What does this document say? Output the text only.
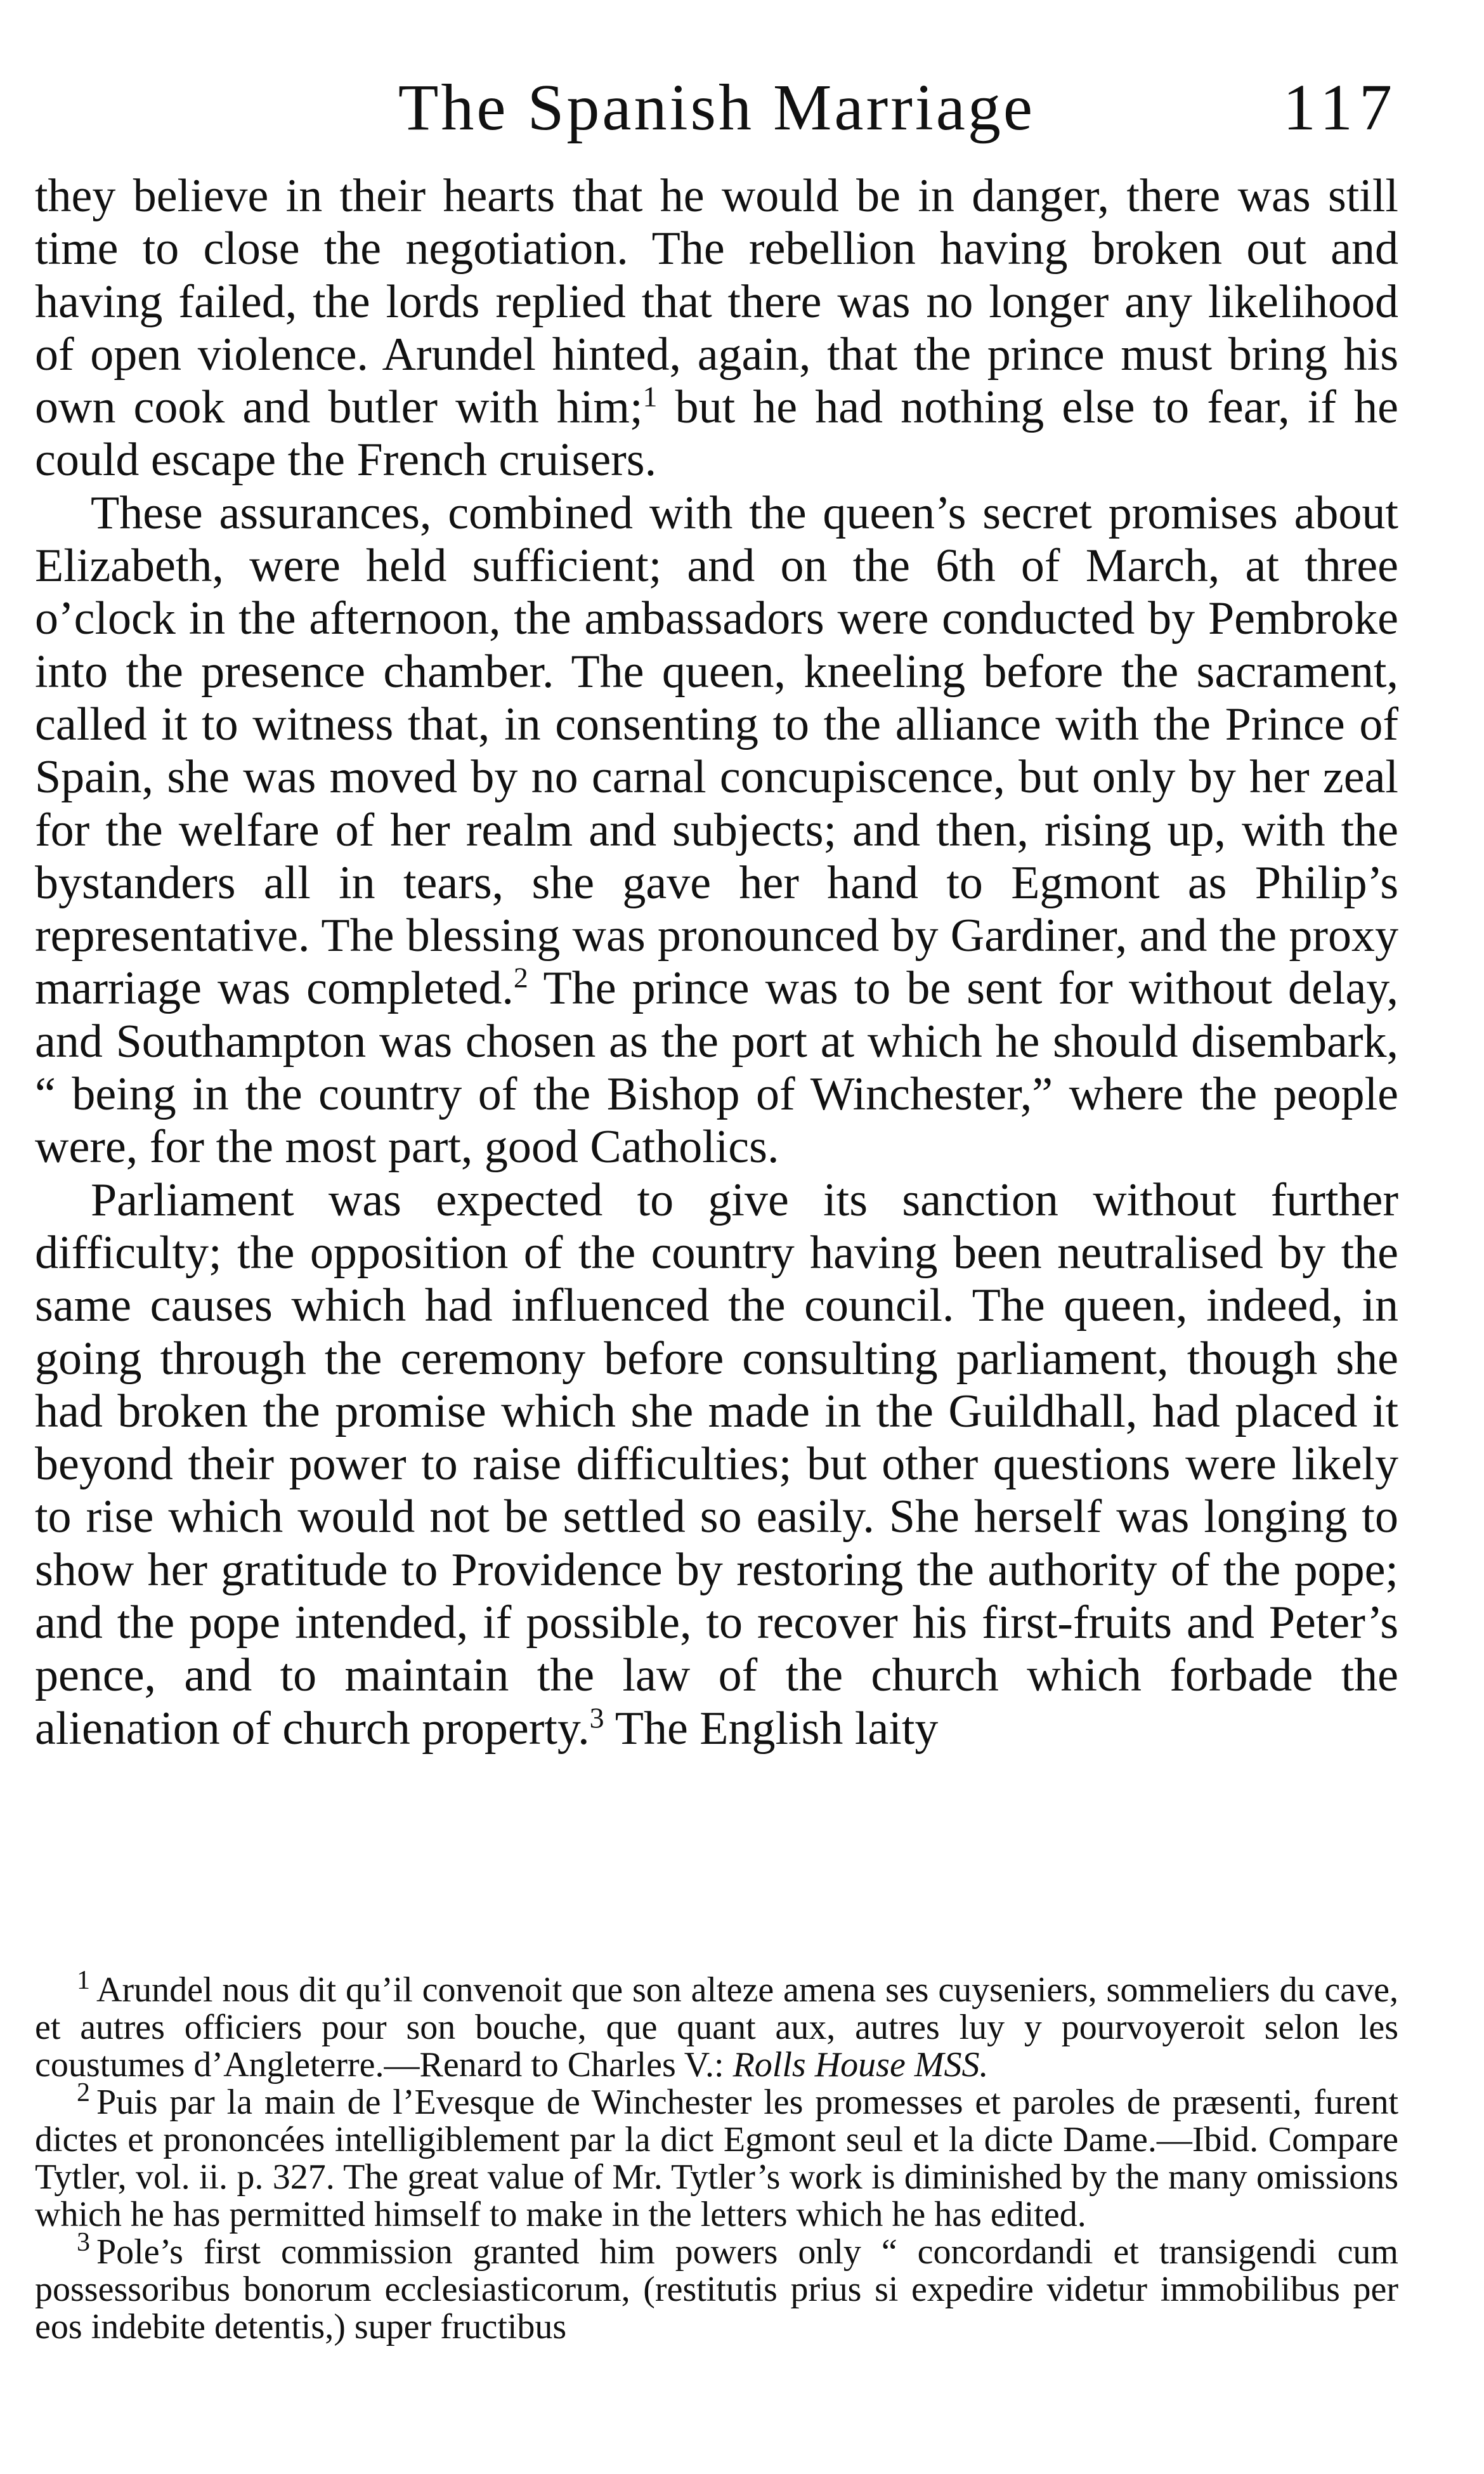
The Spanish Marriage	117

they believe in their hearts that he would be in danger, there was still time to close the negotiation. The rebellion having broken out and having failed, the lords replied that there was no longer any likelihood of open violence. Arundel hinted, again, that the prince must bring his own cook and butler with him;$^1$ but he had nothing else to fear, if he could escape the French cruisers.

These assurances, combined with the queen’s secret promises about Elizabeth, were held sufficient; and on the 6th of March, at three o’clock in the afternoon, the ambassadors were conducted by Pembroke into the presence chamber. The queen, kneeling before the sacrament, called it to witness that, in consenting to the alliance with the Prince of Spain, she was moved by no carnal concupiscence, but only by her zeal for the welfare of her realm and subjects; and then, rising up, with the bystanders all in tears, she gave her hand to Egmont as Philip’s representative. The blessing was pronounced by Gardiner, and the proxy marriage was completed.$^2$ The prince was to be sent for without delay, and Southampton was chosen as the port at which he should disembark, “ being in the country of the Bishop of Winchester,” where the people were, for the most part, good Catholics.

Parliament was expected to give its sanction without further difficulty; the opposition of the country having been neutralised by the same causes which had influenced the council. The queen, indeed, in going through the ceremony before consulting parliament, though she had broken the promise which she made in the Guildhall, had placed it beyond their power to raise difficulties; but other questions were likely to rise which would not be settled so easily. She herself was longing to show her gratitude to Providence by restoring the authority of the pope; and the pope intended, if possible, to recover his first-fruits and Peter’s pence, and to maintain the law of the church which forbade the alienation of church property.$^3$ The English laity

$^1$ Arundel nous dit qu’il convenoit que son alteze amena ses cuyseniers, sommeliers du cave, et autres officiers pour son bouche, que quant aux, autres luy y pourvoyeroit selon les coustumes d’Angleterre.—Renard to Charles V.: Rolls House MSS.

$^2$ Puis par la main de l’Evesque de Winchester les promesses et paroles de præsenti, furent dictes et prononcées intelligiblement par la dict Egmont seul et la dicte Dame.—Ibid. Compare Tytler, vol. ii. p. 327. The great value of Mr. Tytler’s work is diminished by the many omissions which he has permitted himself to make in the letters which he has edited.

$^3$ Pole’s first commission granted him powers only “ concordandi et transigendi cum possessoribus bonorum ecclesiasticorum, (restitutis prius si expedire videtur immobilibus per eos indebite detentis,) super fructibus
